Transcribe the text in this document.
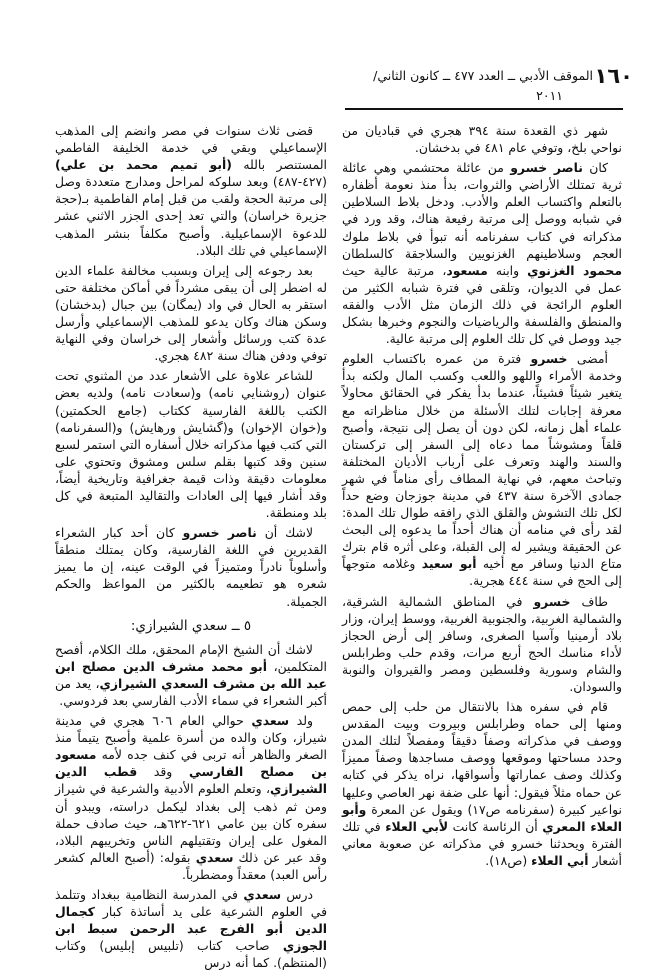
١٦٠
الموقف الأدبي ــ العدد ٤٧٧ ــ كانون الثاني/
٢٠١١

شهر ذي القعدة سنة ٣٩٤ هجري في قباديان من نواحي بلخ، وتوفي عام ٤٨١ في بدخشان.

كان ناصر خسرو من عائلة محتشمي وهي عائلة ثرية تمتلك الأراضي والثروات، بدأ منذ نعومة أظفاره بالتعلم واكتساب العلم والأدب. ودخل بلاط السلاطين في شبابه ووصل إلى مرتبة رفيعة هناك، وقد ورد في مذكراته في كتاب سفرنامه أنه تبوأ في بلاط ملوك العجم وسلاطينهم الغزنويين والسلاجقة كالسلطان محمود الغزنوي وابنه مسعود، مرتبة عالية حيث عمل في الديوان، وتلقى في فترة شبابه الكثير من العلوم الرائجة في ذلك الزمان مثل الأدب والفقه والمنطق والفلسفة والرياضيات والنجوم وخبرها بشكل جيد ووصل في كل تلك العلوم إلى مرتبة عالية.

أمضى خسرو فترة من عمره باكتساب العلوم وخدمة الأمراء واللهو واللعب وكسب المال ولكنه بدأ يتغير شيئاً فشيئاً، عندما بدأ يفكر في الحقائق محاولاً معرفة إجابات لتلك الأسئلة من خلال مناظراته مع علماء أهل زمانه، لكن دون أن يصل إلى نتيجة، وأصبح قلقاً ومشوشاً مما دعاه إلى السفر إلى تركستان والسند والهند وتعرف على أرباب الأديان المختلفة وتباحث معهم، في نهاية المطاف رأى مناماً في شهر جمادى الآخرة سنة ٤٣٧ في مدينة جوزجان وضع حداً لكل تلك التشوش والقلق الذي رافقه طوال تلك المدة: لقد رأى في منامه أن هناك أحداً ما يدعوه إلى البحث عن الحقيقة ويشير له إلى القبلة، وعلى أثره قام بترك متاع الدنيا وسافر مع أخيه أبو سعيد وغلامه متوجهاً إلى الحج في سنة ٤٤٤ هجرية.

طاف خسرو في المناطق الشمالية الشرقية، والشمالية الغربية، والجنوبية الغربية، ووسط إيران، وزار بلاد أرمينيا وآسيا الصغرى، وسافر إلى أرض الحجاز لأداء مناسك الحج أربع مرات، وقدم حلب وطرابلس والشام وسورية وفلسطين ومصر والقيروان والنوبة والسودان.

قام في سفره هذا بالانتقال من حلب إلى حمص ومنها إلى حماه وطرابلس وبيروت وبيت المقدس ووصف في مذكراته وصفاً دقيقاً ومفصلاً لتلك المدن وحدد مساحتها وموقعها ووصف مساجدها وصفاً مميزاً وكذلك وصف عماراتها وأسواقها، نراه يذكر في كتابه عن حماه مثلاً فيقول: أنها على ضفة نهر العاصي وعليها نواعير كبيرة (سفرنامه ص١٧) ويقول عن المعرة وأبو العلاء المعري أن الرئاسة كانت لأبي العلاء في تلك الفترة ويحدثنا خسرو في مذكراته عن صعوبة معاني أشعار أبي العلاء (ص١٨).

قضى ثلاث سنوات في مصر وانضم إلى المذهب الإسماعيلي وبقي في خدمة الخليفة الفاطمي المستنصر بالله (أبو تميم محمد بن علي) (٤٢٧-٤٨٧) وبعد سلوكه لمراحل ومدارج متعددة وصل إلى مرتبة الحجة ولقب من قبل إمام الفاطمية بـ(حجة جزيرة خراسان) والتي تعد إحدى الجزر الاثني عشر للدعوة الإسماعيلية. وأصبح مكلفاً بنشر المذهب الإسماعيلي في تلك البلاد.

بعد رجوعه إلى إيران وبسبب مخالفة علماء الدين له اضطر إلى أن يبقى مشرداً في أماكن مختلفة حتى استقر به الحال في واد (يمگان) بين جبال (بدخشان) وسكن هناك وكان يدعو للمذهب الإسماعيلي وأرسل عدة كتب ورسائل وأشعار إلى خراسان وفي النهاية توفي ودفن هناك سنة ٤٨٢ هجري.

للشاعر علاوة على الأشعار عدد من المثنوي تحت عنوان (روشنايي نامه) و(سعادت نامه) ولديه بعض الكتب باللغة الفارسية ككتاب (جامع الحكمتين) و(خوان الإخوان) و(گشايش ورهايش) و(السفرنامه) التي كتب فيها مذكراته خلال أسفاره التي استمر لسبع سنين وقد كتبها بقلم سلس ومشوق وتحتوي على معلومات دقيقة وذات قيمة جغرافية وتاريخية أيضاً، وقد أشار فيها إلى العادات والتقاليد المتبعة في كل بلد ومنطقة.

لاشك أن ناصر خسرو كان أحد كبار الشعراء القديرين في اللغة الفارسية، وكان يمتلك منطقاً وأسلوباً نادراً ومتميزاً في الوقت عينه، إن ما يميز شعره هو تطعيمه بالكثير من المواعظ والحكم الجميلة.

٥ ــ سعدي الشيرازي:

لاشك أن الشيخ الإمام المحقق، ملك الكلام، أفصح المتكلمين، أبو محمد مشرف الدين مصلح ابن عبد الله بن مشرف السعدي الشيرازي، يعد من أكبر الشعراء في سماء الأدب الفارسي بعد فردوسي.

ولد سعدي حوالي العام ٦٠٦ هجري في مدينة شيراز، وكان والده من أسرة علمية وأصبح يتيماً منذ الصغر والظاهر أنه تربى في كنف جده لأمه مسعود بن مصلح الفارسي وقد قطب الدين الشيرازي، وتعلم العلوم الأدبية والشرعية في شيراز ومن ثم ذهب إلى بغداد ليكمل دراسته، ويبدو أن سفره كان بين عامي ٦٢١-٦٢٢هـ، حيث صادف حملة المغول على إيران وتقتيلهم الناس وتخريبهم البلاد، وقد عبر عن ذلك سعدي بقوله: (أصبح العالم كشعر رأس العبد) معقداً ومضطرباً.

درس سعدي في المدرسة النظامية ببغداد وتتلمذ في العلوم الشرعية على يد أساتذة كبار كجمال الدين أبو الفرج عبد الرحمن سبط ابن الجوزي صاحب كتاب (تلبيس إبليس) وكتاب (المنتظم). كما أنه درس
